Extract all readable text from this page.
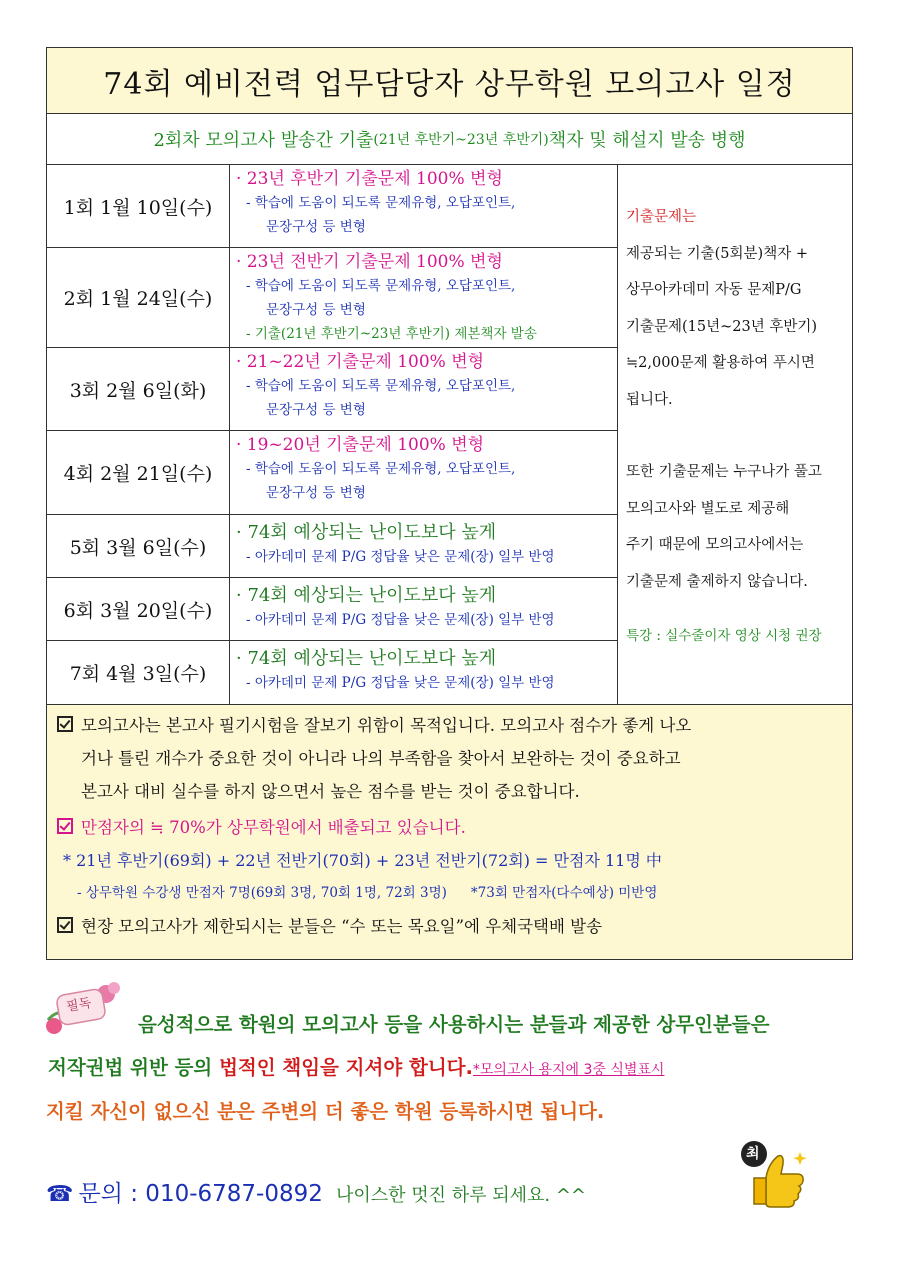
74회 예비전력 업무담당자 상무학원 모의고사 일정
2회차 모의고사 발송간 기출 (21년 후반기~23년 후반기) 책자 및 해설지 발송 병행
1회 1월 10일(수)
· 23년 후반기 기출문제 100% 변형
- 학습에 도움이 되도록 문제유형, 오답포인트,
문장구성 등 변형
2회 1월 24일(수)
· 23년 전반기 기출문제 100% 변형
- 학습에 도움이 되도록 문제유형, 오답포인트,
문장구성 등 변형
- 기출(21년 후반기~23년 후반기) 제본책자 발송
3회 2월 6일(화)
· 21~22년 기출문제 100% 변형
- 학습에 도움이 되도록 문제유형, 오답포인트,
문장구성 등 변형
4회 2월 21일(수)
· 19~20년 기출문제 100% 변형
- 학습에 도움이 되도록 문제유형, 오답포인트,
문장구성 등 변형
5회 3월 6일(수)
· 74회 예상되는 난이도보다 높게
- 아카데미 문제 P/G 정답율 낮은 문제(장) 일부 반영
6회 3월 20일(수)
· 74회 예상되는 난이도보다 높게
- 아카데미 문제 P/G 정답율 낮은 문제(장) 일부 반영
7회 4월 3일(수)
· 74회 예상되는 난이도보다 높게
- 아카데미 문제 P/G 정답율 낮은 문제(장) 일부 반영
기출문제는
제공되는 기출(5회분)책자 +
상무아카데미 자동 문제P/G
기출문제(15년~23년 후반기)
≒2,000문제 활용하여 푸시면
됩니다.
또한 기출문제는 누구나가 풀고
모의고사와 별도로 제공해
주기 때문에 모의고사에서는
기출문제 출제하지 않습니다.
특강 : 실수줄이자 영상 시청 권장
모의고사는 본고사 필기시험을 잘보기 위함이 목적입니다. 모의고사 점수가 좋게 나오
거나 틀린 개수가 중요한 것이 아니라 나의 부족함을 찾아서 보완하는 것이 중요하고
본고사 대비 실수를 하지 않으면서 높은 점수를 받는 것이 중요합니다.
만점자의 ≒ 70%가 상무학원에서 배출되고 있습니다.
* 21년 후반기(69회) + 22년 전반기(70회) + 23년 전반기(72회) = 만점자 11명 中
- 상무학원 수강생 만점자 7명(69회 3명, 70회 1명, 72회 3명) *73회 만점자(다수예상) 미반영
현장 모의고사가 제한되시는 분들은 “수 또는 목요일”에 우체국택배 발송
필독
음성적으로 학원의 모의고사 등을 사용하시는 분들과 제공한 상무인분들은
저작권법 위반 등의 법적인 책임을 지셔야 합니다.*모의고사 용지에 3중 식별표시
지킬 자신이 없으신 분은 주변의 더 좋은 학원 등록하시면 됩니다.
☎ 문의 : 010-6787-0892 나이스한 멋진 하루 되세요. ^^
최
